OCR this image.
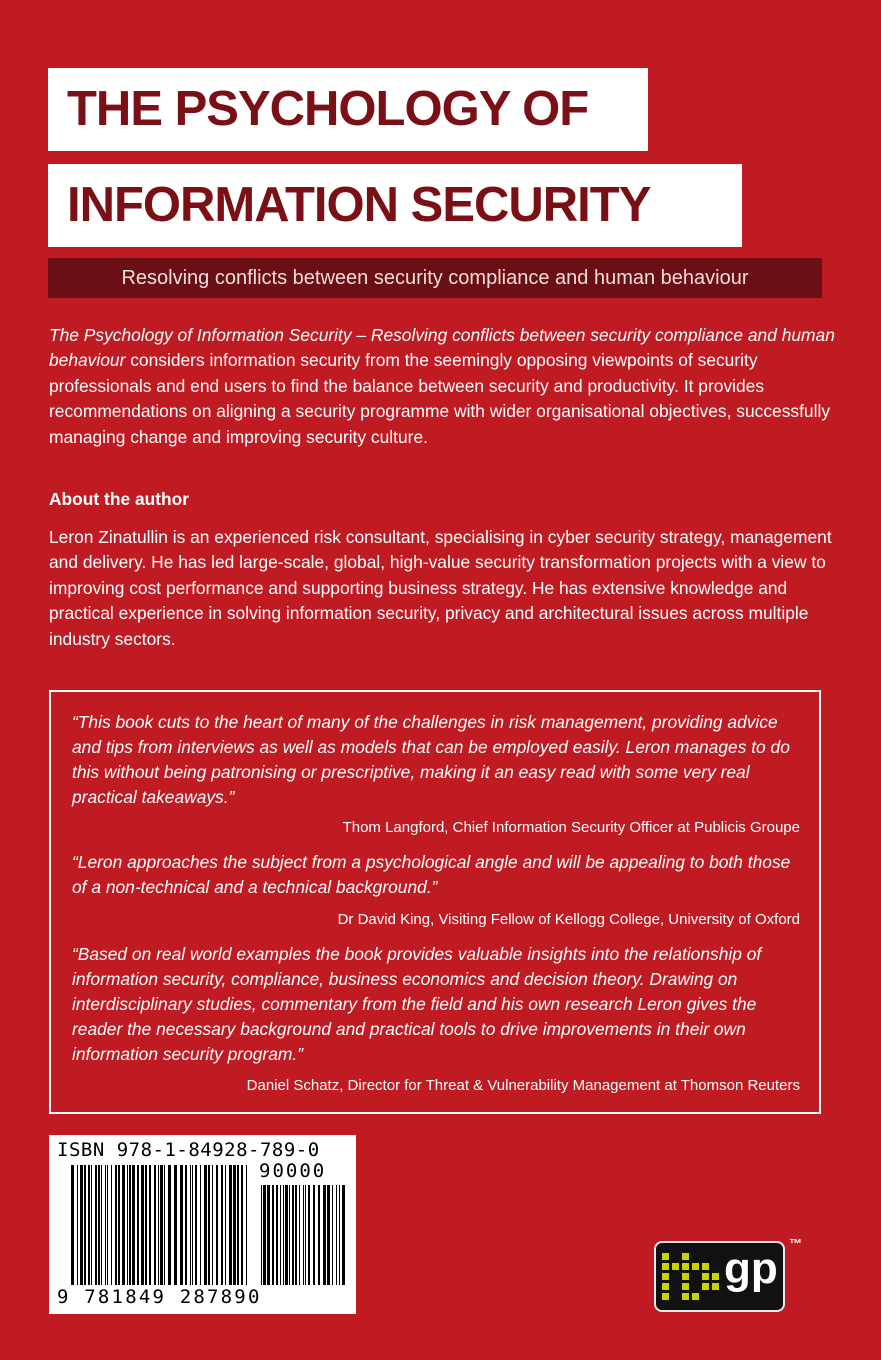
THE PSYCHOLOGY OF
INFORMATION SECURITY
Resolving conflicts between security compliance and human behaviour

The Psychology of Information Security – Resolving conflicts between security compliance and human behaviour considers information security from the seemingly opposing viewpoints of security professionals and end users to find the balance between security and productivity. It provides recommendations on aligning a security programme with wider organisational objectives, successfully managing change and improving security culture.

About the author

Leron Zinatullin is an experienced risk consultant, specialising in cyber security strategy, management and delivery. He has led large-scale, global, high-value security transformation projects with a view to improving cost performance and supporting business strategy. He has extensive knowledge and practical experience in solving information security, privacy and architectural issues across multiple industry sectors.

“This book cuts to the heart of many of the challenges in risk management, providing advice and tips from interviews as well as models that can be employed easily. Leron manages to do this without being patronising or prescriptive, making it an easy read with some very real practical takeaways.”
Thom Langford, Chief Information Security Officer at Publicis Groupe
“Leron approaches the subject from a psychological angle and will be appealing to both those of a non-technical and a technical background.”
Dr David King, Visiting Fellow of Kellogg College, University of Oxford
“Based on real world examples the book provides valuable insights into the relationship of information security, compliance, business economics and decision theory. Drawing on interdisciplinary studies, commentary from the field and his own research Leron gives the reader the necessary background and practical tools to drive improvements in their own information security program.”
Daniel Schatz, Director for Threat & Vulnerability Management at Thomson Reuters
ISBN 978-1-84928-789-0
90000
9 781849 287890
gp
™
